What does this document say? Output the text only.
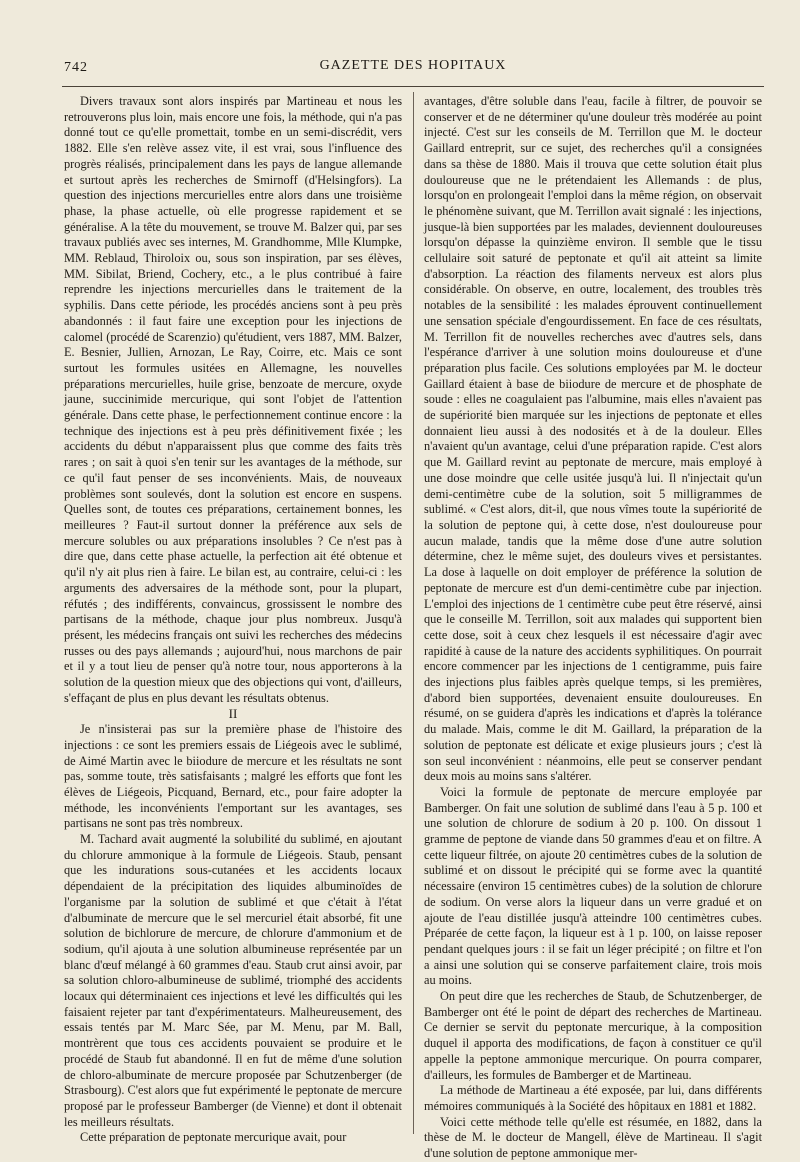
742	GAZETTE DES HOPITAUX

Divers travaux sont alors inspirés par Martineau et nous les retrouverons plus loin, mais encore une fois, la méthode, qui n'a pas donné tout ce qu'elle promettait, tombe en un semi-discrédit, vers 1882. Elle s'en relève assez vite, il est vrai, sous l'influence des progrès réalisés, principalement dans les pays de langue allemande et surtout après les recherches de Smirnoff (d'Helsingfors). La question des injections mercurielles entre alors dans une troisième phase, la phase actuelle, où elle progresse rapidement et se généralise. A la tête du mouvement, se trouve M. Balzer qui, par ses travaux publiés avec ses internes, M. Grandhomme, Mlle Klumpke, MM. Reblaud, Thiroloix ou, sous son inspiration, par ses élèves, MM. Sibilat, Briend, Cochery, etc., a le plus contribué à faire reprendre les injections mercurielles dans le traitement de la syphilis. Dans cette période, les procédés anciens sont à peu près abandonnés : il faut faire une exception pour les injections de calomel (procédé de Scarenzio) qu'étudient, vers 1887, MM. Balzer, E. Besnier, Jullien, Arnozan, Le Ray, Coirre, etc. Mais ce sont surtout les formules usitées en Allemagne, les nouvelles préparations mercurielles, huile grise, benzoate de mercure, oxyde jaune, succinimide mercurique, qui sont l'objet de l'attention générale. Dans cette phase, le perfectionnement continue encore : la technique des injections est à peu près définitivement fixée ; les accidents du début n'apparaissent plus que comme des faits très rares ; on sait à quoi s'en tenir sur les avantages de la méthode, sur ce qu'il faut penser de ses inconvénients. Mais, de nouveaux problèmes sont soulevés, dont la solution est encore en suspens. Quelles sont, de toutes ces préparations, certainement bonnes, les meilleures ? Faut-il surtout donner la préférence aux sels de mercure solubles ou aux préparations insolubles ? Ce n'est pas à dire que, dans cette phase actuelle, la perfection ait été obtenue et qu'il n'y ait plus rien à faire. Le bilan est, au contraire, celui-ci : les arguments des adversaires de la méthode sont, pour la plupart, réfutés ; des indifférents, convaincus, grossissent le nombre des partisans de la méthode, chaque jour plus nombreux. Jusqu'à présent, les médecins français ont suivi les recherches des médecins russes ou des pays allemands ; aujourd'hui, nous marchons de pair et il y a tout lieu de penser qu'à notre tour, nous apporterons à la solution de la question mieux que des objections qui vont, d'ailleurs, s'effaçant de plus en plus devant les résultats obtenus.

II

Je n'insisterai pas sur la première phase de l'histoire des injections : ce sont les premiers essais de Liégeois avec le sublimé, de Aimé Martin avec le biiodure de mercure et les résultats ne sont pas, somme toute, très satisfaisants ; malgré les efforts que font les élèves de Liégeois, Picquand, Bernard, etc., pour faire adopter la méthode, les inconvénients l'emportant sur les avantages, ses partisans ne sont pas très nombreux.

M. Tachard avait augmenté la solubilité du sublimé, en ajoutant du chlorure ammonique à la formule de Liégeois. Staub, pensant que les indurations sous-cutanées et les accidents locaux dépendaient de la précipitation des liquides albuminoïdes de l'organisme par la solution de sublimé et que c'était à l'état d'albuminate de mercure que le sel mercuriel était absorbé, fit une solution de bichlorure de mercure, de chlorure d'ammonium et de sodium, qu'il ajouta à une solution albumineuse représentée par un blanc d'œuf mélangé à 60 grammes d'eau. Staub crut ainsi avoir, par sa solution chloro-albumineuse de sublimé, triomphé des accidents locaux qui déterminaient ces injections et levé les difficultés qui les faisaient rejeter par tant d'expérimentateurs. Malheureusement, des essais tentés par M. Marc Sée, par M. Menu, par M. Ball, montrèrent que tous ces accidents pouvaient se produire et le procédé de Staub fut abandonné. Il en fut de même d'une solution de chloro-albuminate de mercure proposée par Schutzenberger (de Strasbourg). C'est alors que fut expérimenté le peptonate de mercure proposé par le professeur Bamberger (de Vienne) et dont il obtenait les meilleurs résultats.

Cette préparation de peptonate mercurique avait, pour

avantages, d'être soluble dans l'eau, facile à filtrer, de pouvoir se conserver et de ne déterminer qu'une douleur très modérée au point injecté. C'est sur les conseils de M. Terrillon que M. le docteur Gaillard entreprit, sur ce sujet, des recherches qu'il a consignées dans sa thèse de 1880. Mais il trouva que cette solution était plus douloureuse que ne le prétendaient les Allemands : de plus, lorsqu'on en prolongeait l'emploi dans la même région, on observait le phénomène suivant, que M. Terrillon avait signalé : les injections, jusque-là bien supportées par les malades, deviennent douloureuses lorsqu'on dépasse la quinzième environ. Il semble que le tissu cellulaire soit saturé de peptonate et qu'il ait atteint sa limite d'absorption. La réaction des filaments nerveux est alors plus considérable. On observe, en outre, localement, des troubles très notables de la sensibilité : les malades éprouvent continuellement une sensation spéciale d'engourdissement. En face de ces résultats, M. Terrillon fit de nouvelles recherches avec d'autres sels, dans l'espérance d'arriver à une solution moins douloureuse et d'une préparation plus facile. Ces solutions employées par M. le docteur Gaillard étaient à base de biiodure de mercure et de phosphate de soude : elles ne coagulaient pas l'albumine, mais elles n'avaient pas de supériorité bien marquée sur les injections de peptonate et elles donnaient lieu aussi à des nodosités et à de la douleur. Elles n'avaient qu'un avantage, celui d'une préparation rapide. C'est alors que M. Gaillard revint au peptonate de mercure, mais employé à une dose moindre que celle usitée jusqu'à lui. Il n'injectait qu'un demi-centimètre cube de la solution, soit 5 milligrammes de sublimé. « C'est alors, dit-il, que nous vîmes toute la supériorité de la solution de peptone qui, à cette dose, n'est douloureuse pour aucun malade, tandis que la même dose d'une autre solution détermine, chez le même sujet, des douleurs vives et persistantes. La dose à laquelle on doit employer de préférence la solution de peptonate de mercure est d'un demi-centimètre cube par injection. L'emploi des injections de 1 centimètre cube peut être réservé, ainsi que le conseille M. Terrillon, soit aux malades qui supportent bien cette dose, soit à ceux chez lesquels il est nécessaire d'agir avec rapidité à cause de la nature des accidents syphilitiques. On pourrait encore commencer par les injections de 1 centigramme, puis faire des injections plus faibles après quelque temps, si les premières, d'abord bien supportées, devenaient ensuite douloureuses. En résumé, on se guidera d'après les indications et d'après la tolérance du malade. Mais, comme le dit M. Gaillard, la préparation de la solution de peptonate est délicate et exige plusieurs jours ; c'est là son seul inconvénient : néanmoins, elle peut se conserver pendant deux mois au moins sans s'altérer.

Voici la formule de peptonate de mercure employée par Bamberger. On fait une solution de sublimé dans l'eau à 5 p. 100 et une solution de chlorure de sodium à 20 p. 100. On dissout 1 gramme de peptone de viande dans 50 grammes d'eau et on filtre. A cette liqueur filtrée, on ajoute 20 centimètres cubes de la solution de sublimé et on dissout le précipité qui se forme avec la quantité nécessaire (environ 15 centimètres cubes) de la solution de chlorure de sodium. On verse alors la liqueur dans un verre gradué et on ajoute de l'eau distillée jusqu'à atteindre 100 centimètres cubes. Préparée de cette façon, la liqueur est à 1 p. 100, on laisse reposer pendant quelques jours : il se fait un léger précipité ; on filtre et l'on a ainsi une solution qui se conserve parfaitement claire, trois mois au moins.

On peut dire que les recherches de Staub, de Schutzenberger, de Bamberger ont été le point de départ des recherches de Martineau. Ce dernier se servit du peptonate mercurique, à la composition duquel il apporta des modifications, de façon à constituer ce qu'il appelle la peptone ammonique mercurique. On pourra comparer, d'ailleurs, les formules de Bamberger et de Martineau.

La méthode de Martineau a été exposée, par lui, dans différents mémoires communiqués à la Société des hôpitaux en 1881 et 1882.

Voici cette méthode telle qu'elle est résumée, en 1882, dans la thèse de M. le docteur de Mangell, élève de Martineau. Il s'agit d'une solution de peptone ammonique mer-
